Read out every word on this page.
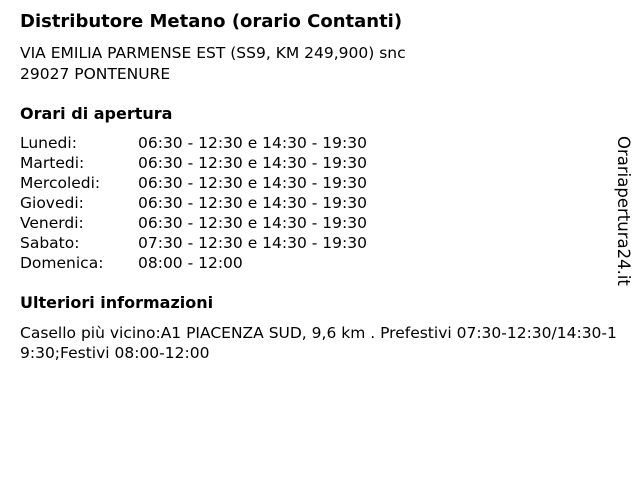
Distributore Metano (orario Contanti)
VIA EMILIA PARMENSE EST (SS9, KM 249,900) snc
29027 PONTENURE
Orari di apertura
Lunedi:	06:30 - 12:30 e 14:30 - 19:30
Martedi:	06:30 - 12:30 e 14:30 - 19:30
Mercoledi: 06:30 - 12:30 e 14:30 - 19:30
Giovedi:	06:30 - 12:30 e 14:30 - 19:30
Venerdi:	06:30 - 12:30 e 14:30 - 19:30
Sabato:	07:30 - 12:30 e 14:30 - 19:30
Domenica: 08:00 - 12:00
Ulteriori informazioni
Casello più vicino:A1 PIACENZA SUD, 9,6 km . Prefestivi 07:30-12:30/14:30-19:30;Festivi 08:00-12:00
Orariapertura24.it
